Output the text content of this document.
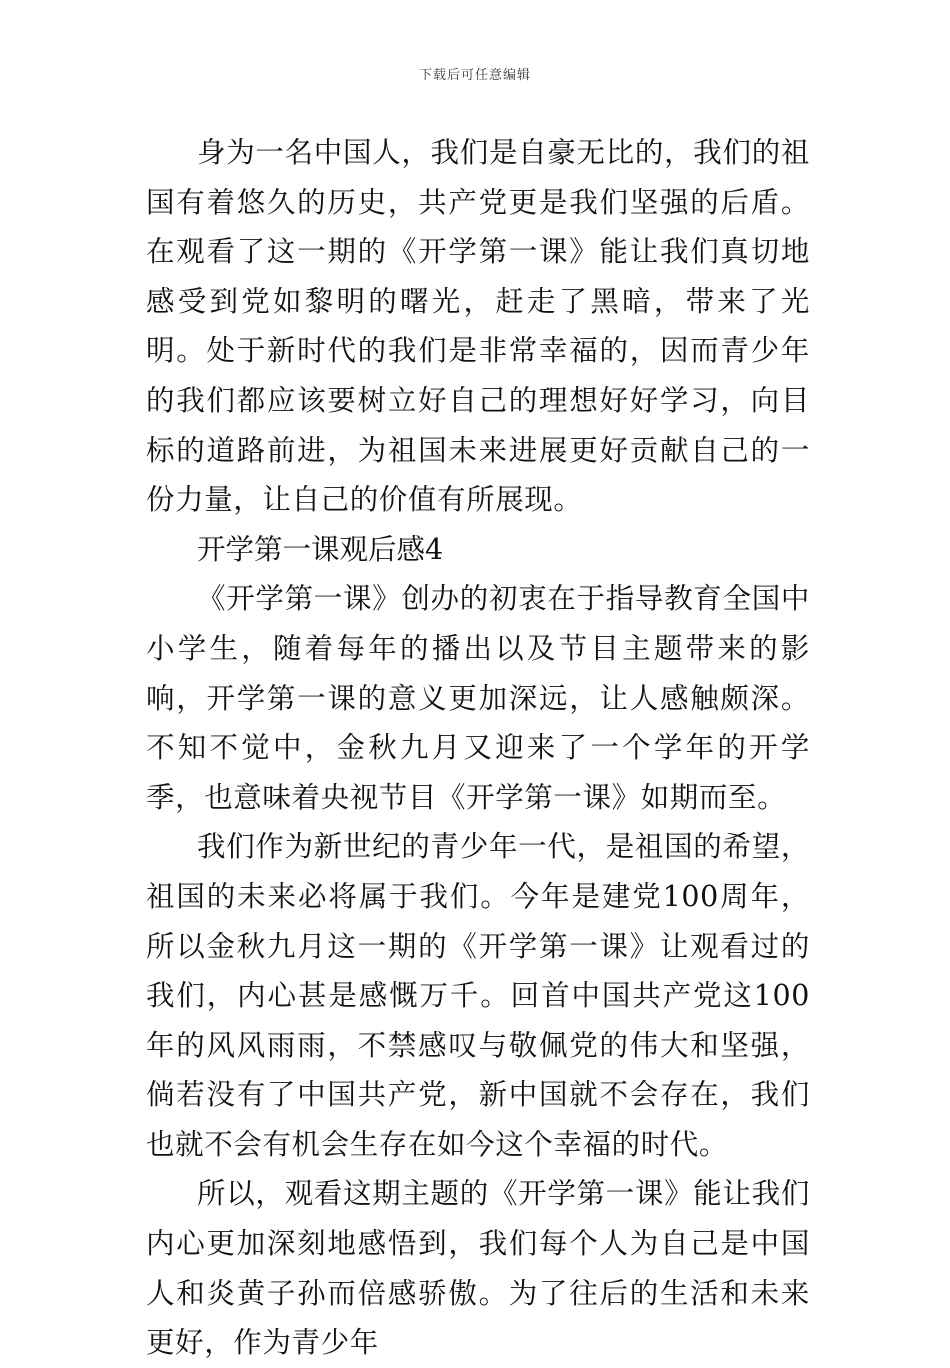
下载后可任意编辑

身为一名中国人，我们是自豪无比的，我们的祖国有着悠久的历史，共产党更是我们坚强的后盾。在观看了这一期的《开学第一课》能让我们真切地感受到党如黎明的曙光，赶走了黑暗，带来了光明。处于新时代的我们是非常幸福的，因而青少年的我们都应该要树立好自己的理想好好学习，向目标的道路前进，为祖国未来进展更好贡献自己的一份力量，让自己的价值有所展现。

开学第一课观后感4

《开学第一课》创办的初衷在于指导教育全国中小学生，随着每年的播出以及节目主题带来的影响，开学第一课的意义更加深远，让人感触颇深。不知不觉中，金秋九月又迎来了一个学年的开学季，也意味着央视节目《开学第一课》如期而至。

我们作为新世纪的青少年一代，是祖国的希望，祖国的未来必将属于我们。今年是建党100周年，所以金秋九月这一期的《开学第一课》让观看过的我们，内心甚是感慨万千。回首中国共产党这100年的风风雨雨，不禁感叹与敬佩党的伟大和坚强，倘若没有了中国共产党，新中国就不会存在，我们也就不会有机会生存在如今这个幸福的时代。

所以，观看这期主题的《开学第一课》能让我们内心更加深刻地感悟到，我们每个人为自己是中国人和炎黄子孙而倍感骄傲。为了往后的生活和未来更好，作为青少年
